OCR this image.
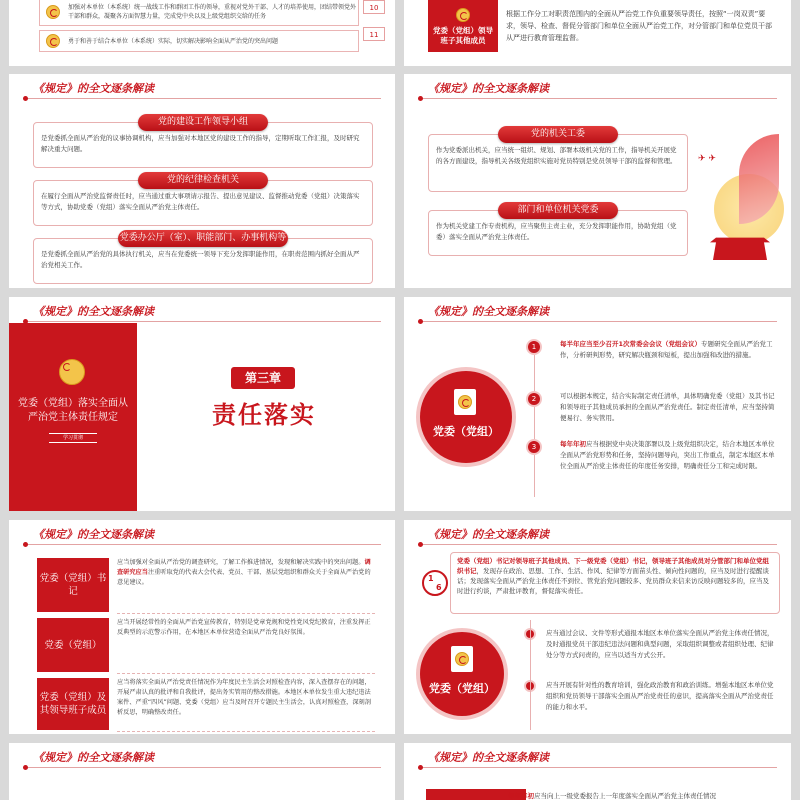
加强对本单位（本系统）统一战线工作和群团工作的领导，重视对党外干部、人才的培养使用，团结带领党外干部和群众，凝聚各方面智慧力量，完成党中央以及上级党组织交给的任务
10
勇于和善于结合本单位（本系统）实际，切实解决影响全面从严治党的突出问题
11	党委（党组）领导班子其他成员
根据工作分工对职责范围内的全面从严治党工作负重要领导责任，按照“一岗双责”要求，领导、检查、督促分管部门和单位全面从严治党工作，对分管部门和单位党员干部从严进行教育管理监督。
《规定》的全文逐条解读
是党委抓全面从严治党的议事协调机构，应当加强对本地区党的建设工作的指导，定期听取工作汇报，及时研究解决重大问题。
党的建设工作领导小组
在履行全面从严治党监督责任时，应当通过重大事项请示报告、提出意见建议、监督推动党委（党组）决策落实等方式，协助党委（党组）落实全面从严治党主体责任。
党的纪律检查机关
是党委抓全面从严治党的具体执行机关，应当在党委统一领导下充分发挥职能作用，在职责范围内抓好全面从严治党相关工作。
党委办公厅（室）、职能部门、办事机构等
《规定》的全文逐条解读
作为党委派出机关，应当统一组织、规划、部署本级机关党的工作，指导机关开展党的各方面建设，指导机关各级党组织实施对党员特别是党员领导干部的监督和管理。
党的机关工委
作为机关党建工作专责机构，应当聚焦主责主业，充分发挥职能作用，协助党组（党委）落实全面从严治党主体责任。
部门和单位机关党委
✈ ✈
《规定》的全文逐条解读
党委（党组）落实全面从严治党主体责任规定
学习贯彻
第三章
责任落实
《规定》的全文逐条解读
党委（党组）
1	每半年应当至少召开1次常委会会议（党组会议）专题研究全面从严治党工作，分析研判形势，研究解决瓶颈和短板，提出加强和改进的措施。
2	可以根据本规定，结合实际制定责任清单，具体明确党委（党组）及其书记和领导班子其他成员承担的全面从严治党责任。制定责任清单，应当坚持简便易行、务实管用。
3	每年年初应当根据党中央决策部署以及上级党组织决定，结合本地区本单位全面从严治党形势和任务，坚持问题导向，突出工作重点，制定本地区本单位全面从严治党主体责任的年度任务安排，明确责任分工和完成时限。
《规定》的全文逐条解读
党委（党组）书记
应当加强对全面从严治党的调查研究，了解工作推进情况，发现和解决实践中的突出问题。调查研究应当注重听取党的代表大会代表、党员、干部、基层党组织和群众关于全面从严治党的意见建议。
党委（党组）
应当开展经常性的全面从严治党宣传教育，特别是党章党规和党性党风党纪教育，注重发挥正反典型的示范警示作用，在本地区本单位营造全面从严治党良好氛围。
党委（党组）及其领导班子成员
应当将落实全面从严治党责任情况作为年度民主生活会对照检查内容，深入查摆存在的问题，开展严肃认真的批评和自我批评，提出务实管用的整改措施。本地区本单位发生重大违纪违法案件、严重“四风”问题、党委（党组）应当及时召开专题民主生活会，认真对照检查，深刻剖析反思，明确整改责任。
《规定》的全文逐条解读
1
6
党委（党组）书记对领导班子其他成员、下一级党委（党组）书记，领导班子其他成员对分管部门和单位党组织书记，发现存在政治、思想、工作、生活、作风、纪律等方面苗头性、倾向性问题的，应当及时进行提醒谈话；发现落实全面从严治党主体责任不到位、管党治党问题较多、党员群众来信来访反映问题较多的，应当及时进行约谈，严肃批评教育，督促落实责任。
党委（党组）
应当通过会议、文件等形式通报本地区本单位落实全面从严治党主体责任情况，及时通报党员干部违纪违法问题和典型问题，采取组织调整或者组织处理、纪律处分等方式问责的，应当以适当方式公开。
应当开展有针对性的教育培训，强化政治教育和政治训练。增强本地区本单位党组织和党员领导干部落实全面从严治党责任的意识，提高落实全面从严治党责任的能力和水平。
《规定》的全文逐条解读	《规定》的全文逐条解读
每年年初应当向上一级党委报告上一年度落实全面从严治党主体责任情况
